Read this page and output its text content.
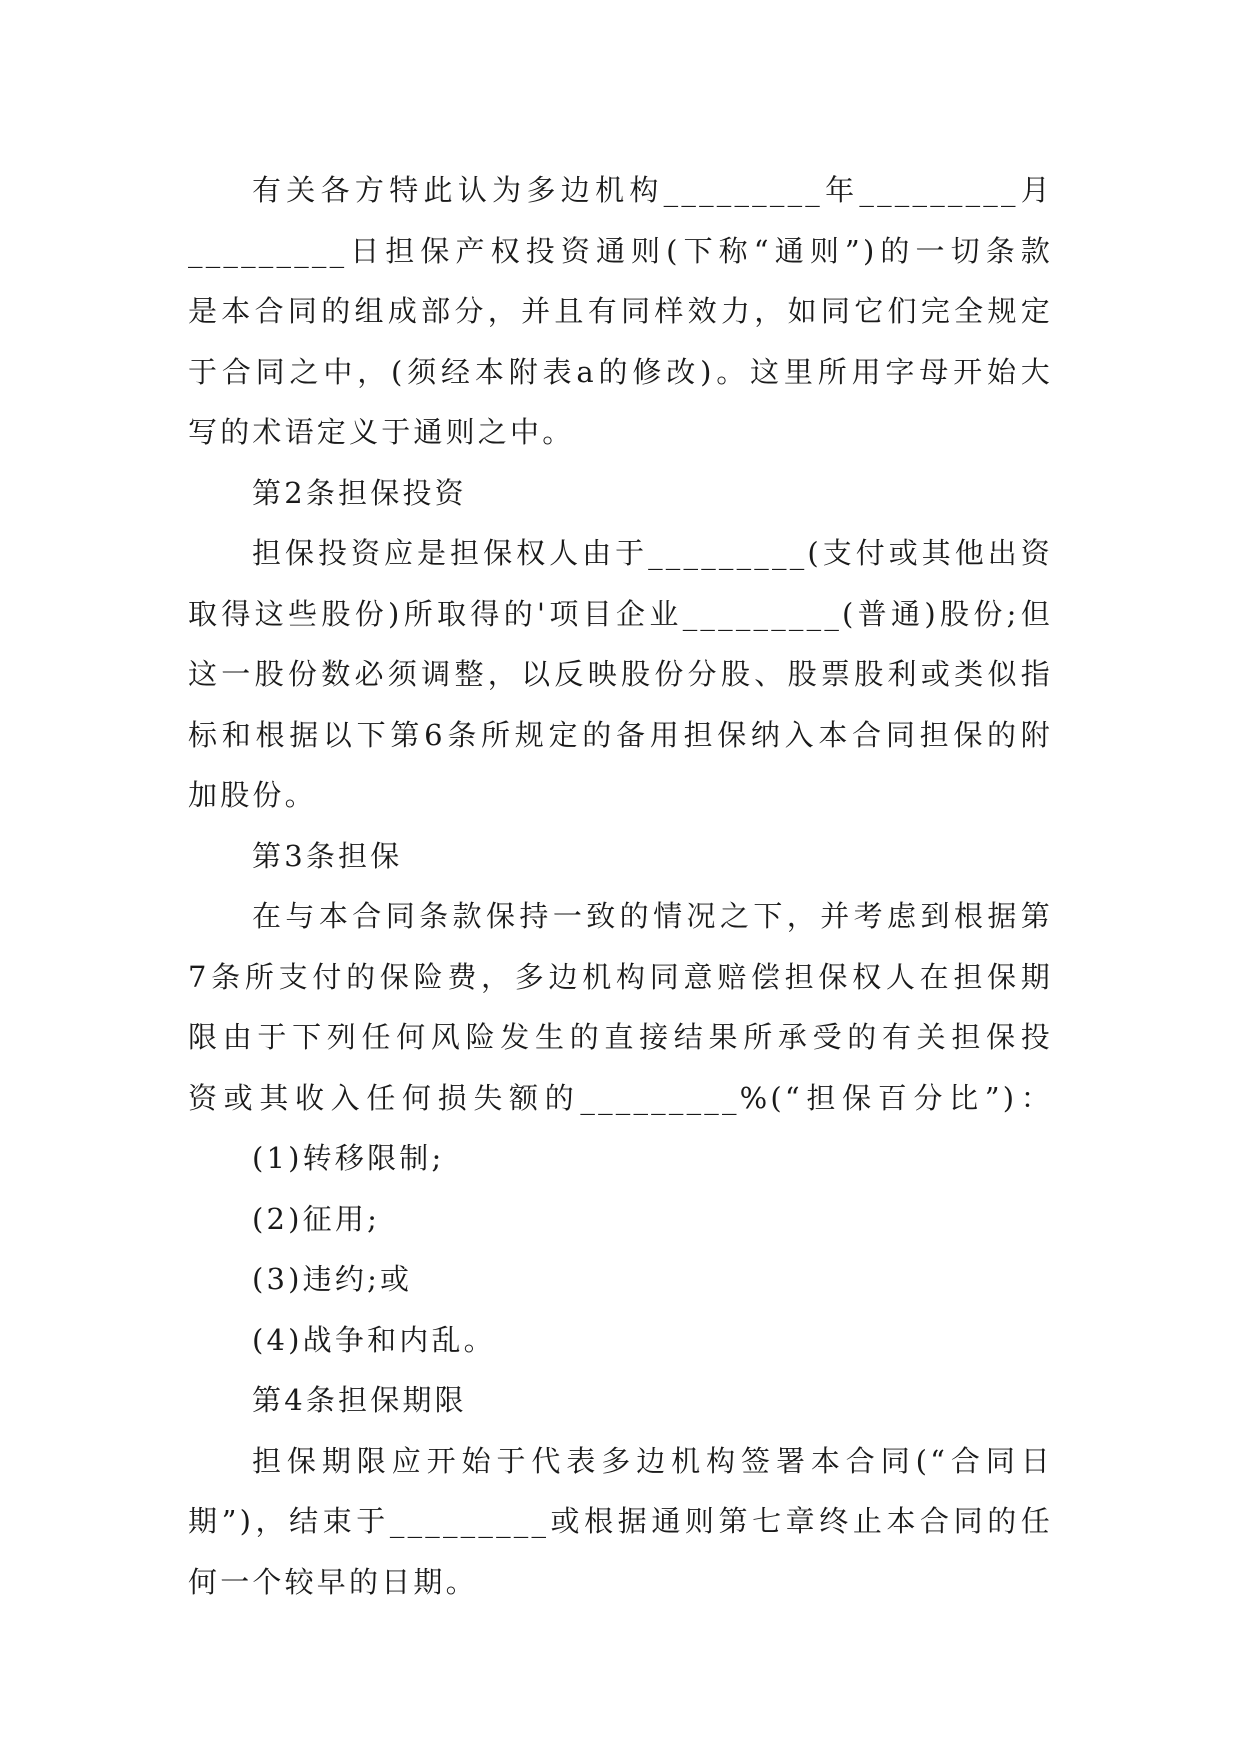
有关各方特此认为多边机构_________年_________月
_________日担保产权投资通则(下称“通则”)的一切条款
是本合同的组成部分，并且有同样效力，如同它们完全规定
于合同之中，(须经本附表a的修改)。这里所用字母开始大
写的术语定义于通则之中。
第2条担保投资
担保投资应是担保权人由于_________(支付或其他出资
取得这些股份)所取得的'项目企业_________(普通)股份;但
这一股份数必须调整，以反映股份分股、股票股利或类似指
标和根据以下第6条所规定的备用担保纳入本合同担保的附
加股份。
第3条担保
在与本合同条款保持一致的情况之下，并考虑到根据第
7条所支付的保险费，多边机构同意赔偿担保权人在担保期
限由于下列任何风险发生的直接结果所承受的有关担保投
资或其收入任何损失额的_________%(“担保百分比”)：
(1)转移限制;
(2)征用;
(3)违约;或
(4)战争和内乱。
第4条担保期限
担保期限应开始于代表多边机构签署本合同(“合同日
期”)，结束于_________或根据通则第七章终止本合同的任
何一个较早的日期。
